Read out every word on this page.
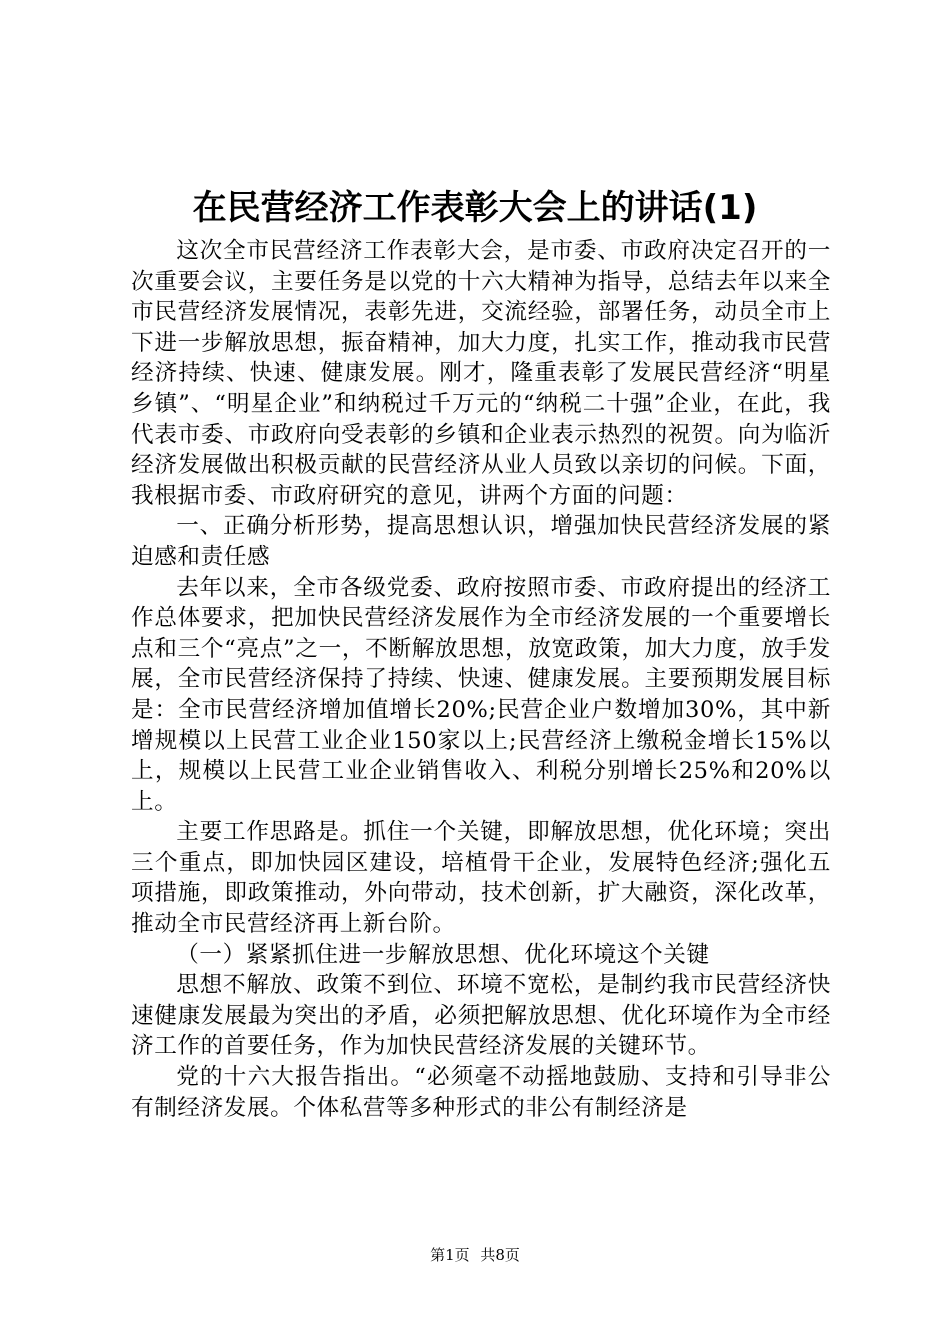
在民营经济工作表彰大会上的讲话(1)

这次全市民营经济工作表彰大会，是市委、市政府决定召开的一次重要会议，主要任务是以党的十六大精神为指导，总结去年以来全市民营经济发展情况，表彰先进，交流经验，部署任务，动员全市上下进一步解放思想，振奋精神，加大力度，扎实工作，推动我市民营经济持续、快速、健康发展。刚才，隆重表彰了发展民营经济“明星乡镇”、“明星企业”和纳税过千万元的“纳税二十强”企业，在此，我代表市委、市政府向受表彰的乡镇和企业表示热烈的祝贺。向为临沂经济发展做出积极贡献的民营经济从业人员致以亲切的问候。下面，我根据市委、市政府研究的意见，讲两个方面的问题：

一、正确分析形势，提高思想认识，增强加快民营经济发展的紧迫感和责任感

去年以来，全市各级党委、政府按照市委、市政府提出的经济工作总体要求，把加快民营经济发展作为全市经济发展的一个重要增长点和三个“亮点”之一，不断解放思想，放宽政策，加大力度，放手发展，全市民营经济保持了持续、快速、健康发展。主要预期发展目标是：全市民营经济增加值增长20%;民营企业户数增加30%，其中新增规模以上民营工业企业150家以上;民营经济上缴税金增长15%以上，规模以上民营工业企业销售收入、利税分别增长25%和20%以上。

主要工作思路是。抓住一个关键，即解放思想，优化环境；突出三个重点，即加快园区建设，培植骨干企业，发展特色经济;强化五项措施，即政策推动，外向带动，技术创新，扩大融资，深化改革，推动全市民营经济再上新台阶。

（一）紧紧抓住进一步解放思想、优化环境这个关键

思想不解放、政策不到位、环境不宽松，是制约我市民营经济快速健康发展最为突出的矛盾，必须把解放思想、优化环境作为全市经济工作的首要任务，作为加快民营经济发展的关键环节。

党的十六大报告指出。“必须毫不动摇地鼓励、支持和引导非公有制经济发展。个体私营等多种形式的非公有制经济是

第1页 共8页
